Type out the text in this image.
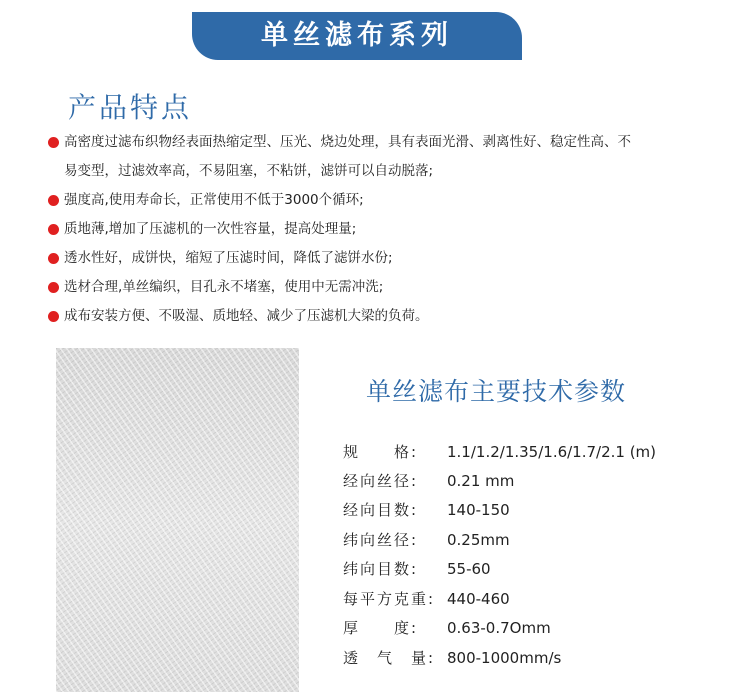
单丝滤布系列
产品特点
高密度过滤布织物经表面热缩定型、压光、烧边处理，具有表面光滑、剥离性好、稳定性高、不
易变型，过滤效率高，不易阻塞，不粘饼，滤饼可以自动脱落;
强度高,使用寿命长，正常使用不低于3000个循环;
质地薄,增加了压滤机的一次性容量，提高处理量;
透水性好，成饼快，缩短了压滤时间，降低了滤饼水份;
选材合理,单丝编织，目孔永不堵塞，使用中无需冲洗;
成布安装方便、不吸湿、质地轻、减少了压滤机大梁的负荷。
单丝滤布主要技术参数
规　　格: 1.1/1.2/1.35/1.6/1.7/2.1 (m)
经向丝径: 0.21 mm
经向目数: 140-150
纬向丝径: 0.25mm
纬向目数: 55-60
每平方克重: 440-460
厚　　度: 0.63-0.7Omm
透　气　量: 800-1000mm/s
